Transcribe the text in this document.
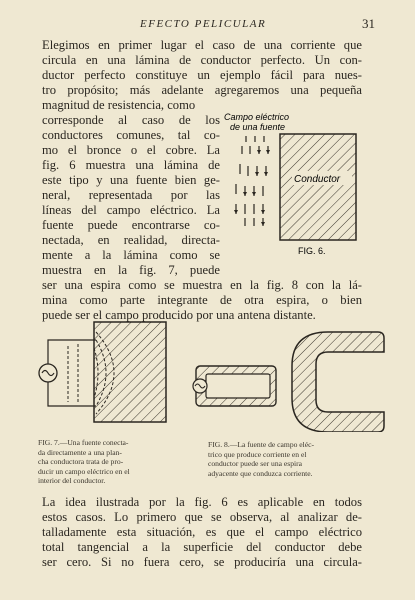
EFECTO PELICULAR	31
Elegimos en primer lugar el caso de una corriente que
circula en una lámina de conductor perfecto. Un con-
ductor perfecto constituye un ejemplo fácil para nues-
tro propósito; más adelante agregaremos una pequeña
magnitud de resistencia, como
corresponde al caso de los
conductores comunes, tal co-
mo el bronce o el cobre. La
fig. 6 muestra una lámina de
este tipo y una fuente bien ge-
neral, representada por las
líneas del campo eléctrico. La
fuente puede encontrarse co-
nectada, en realidad, directa-
mente a la lámina como se
muestra en la fig. 7, puede
ser una espira como se muestra en la fig. 8 con la lá-
mina como parte integrante de otra espira, o bien
puede ser el campo producido por una antena distante.
Campo eléctrico
de una fuente
Conductor
FIG. 6.
FIG. 7.—Una fuente conecta-
da directamente a una plan-
cha conductora trata de pro-
ducir un campo eléctrico en el
interior del conductor.
FIG. 8.—La fuente de campo eléc-
trico que produce corriente en el
conductor puede ser una espira
adyacente que conduzca corriente.
La idea ilustrada por la fig. 6 es aplicable en todos
estos casos. Lo primero que se observa, al analizar de-
talladamente esta situación, es que el campo eléctrico
total tangencial a la superficie del conductor debe
ser cero. Si no fuera cero, se produciría una circula-
